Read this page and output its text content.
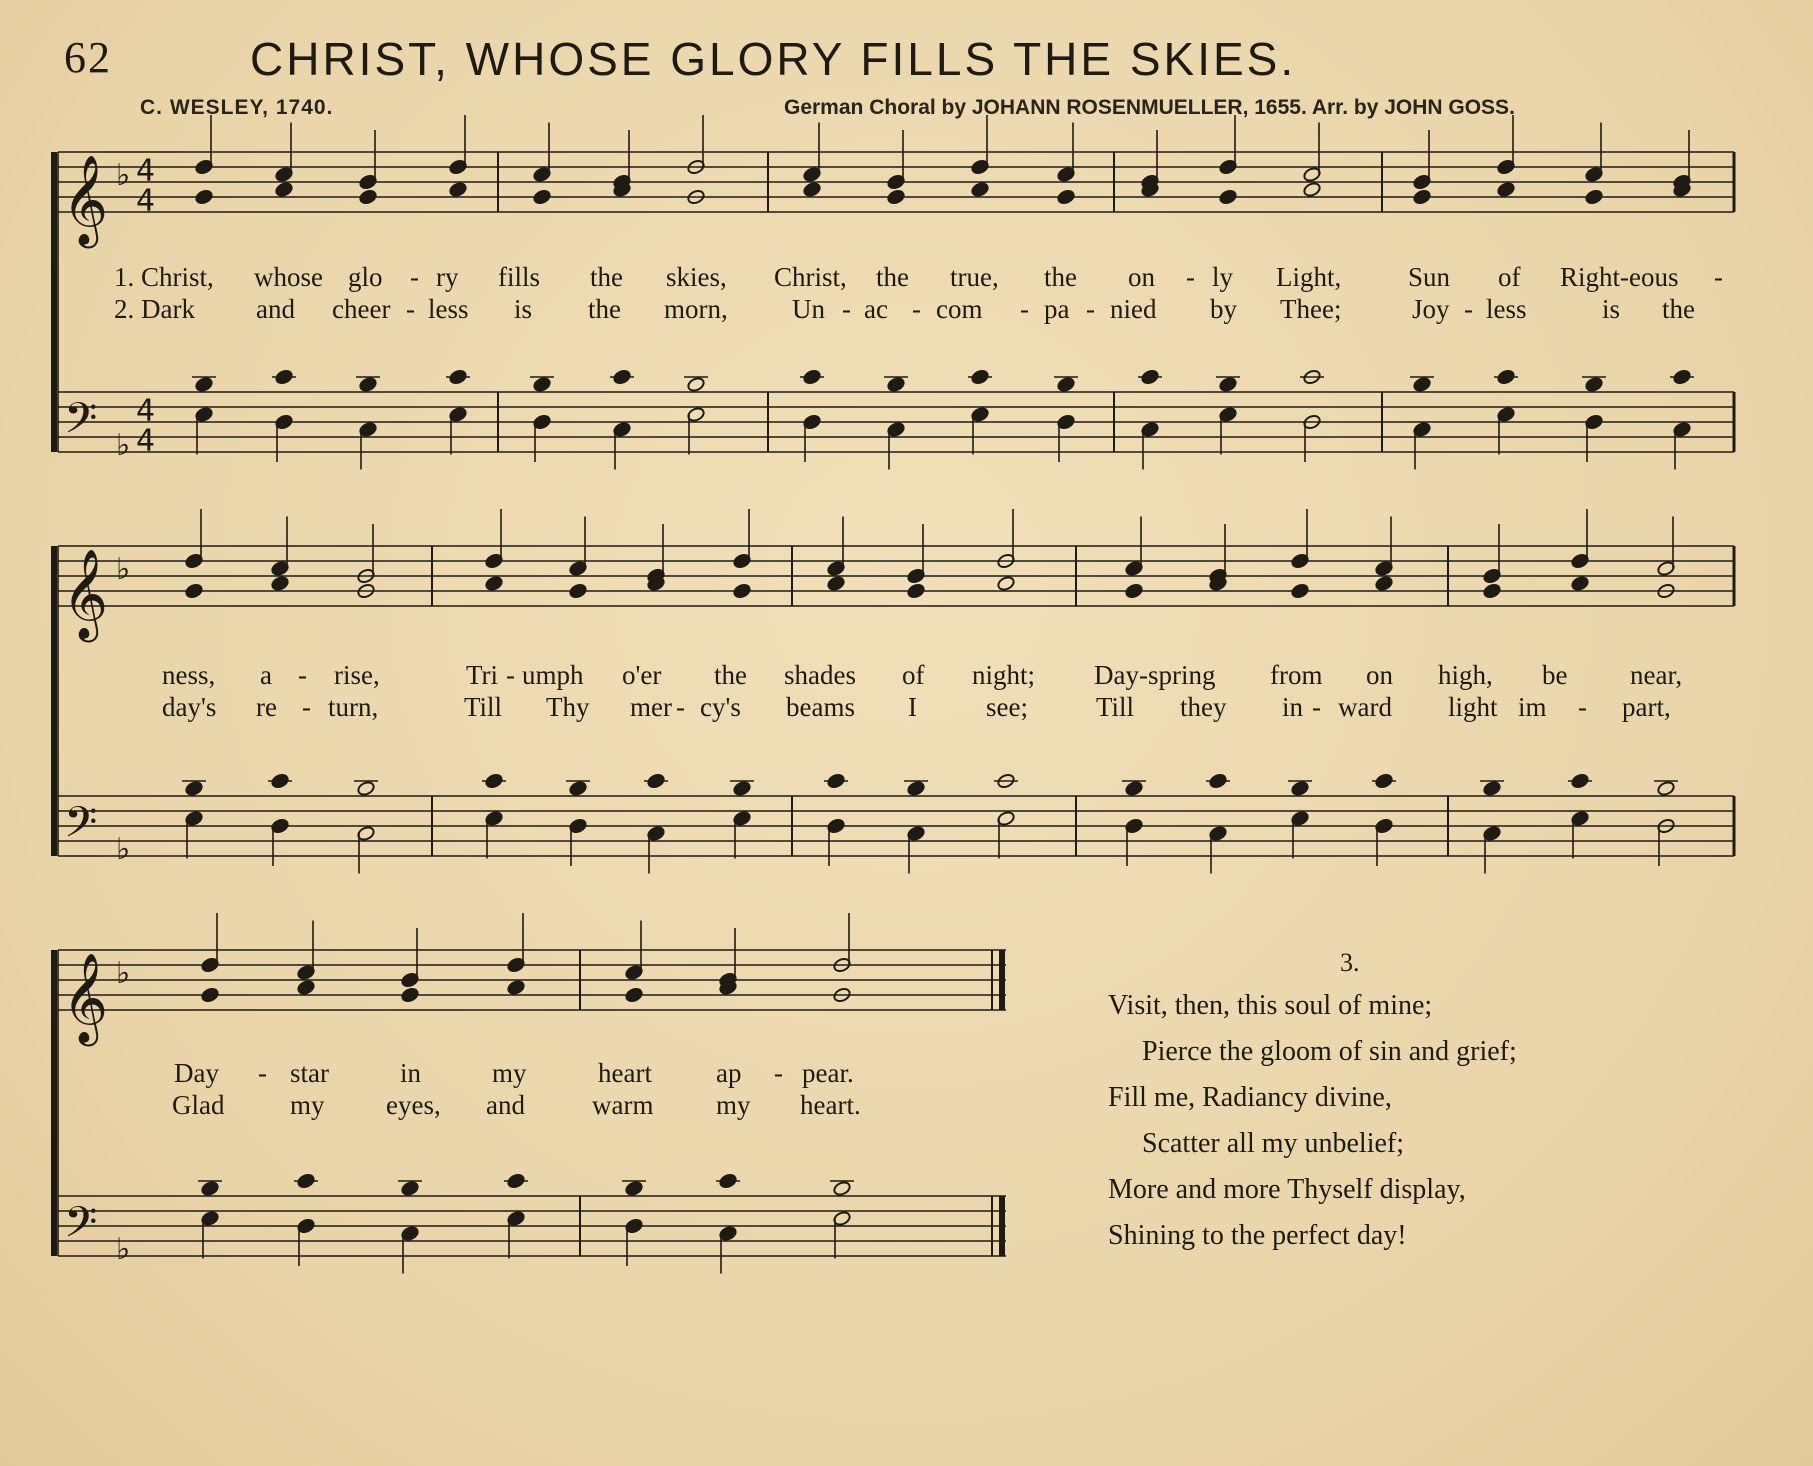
62	CHRIST, WHOSE GLORY FILLS THE SKIES.
C. WESLEY, 1740.	German Choral by JOHANN ROSENMUELLER, 1655. Arr. by JOHN GOSS.
𝄞
𝄢
♭
♭
4
4
4
4

1. Christ,

whose

glo

-

ry

fills

the

skies,

Christ,

the

true,

the

on

-

ly

Light,

Sun

of

Right-eous

-

2. Dark

and

cheer

-

less

is

the

morn,

Un

-

ac

-

com

-

pa

-

nied

by

Thee;

	Joy

-

less

	is

the

𝄞
𝄢
♭
♭

ness,

a

-

rise,

	Tri

-

umph

o'er

the

shades

of

night;

Day-spring

from

on

high,

be

near,

day's

re

-

turn,

	Till

Thy

mer

-

cy's

beams

I

	see;

	Till

they

in

-

ward

light

im

-

part,

𝄞
𝄢
♭
♭

Day

-

star

	in

	my

	heart

ap

-

pear.

Glad

my

eyes,

and

warm

my

heart.

3.
Visit, then, this soul of mine;
Pierce the gloom of sin and grief;
Fill me, Radiancy divine,
Scatter all my unbelief;
More and more Thyself display,
Shining to the perfect day!
